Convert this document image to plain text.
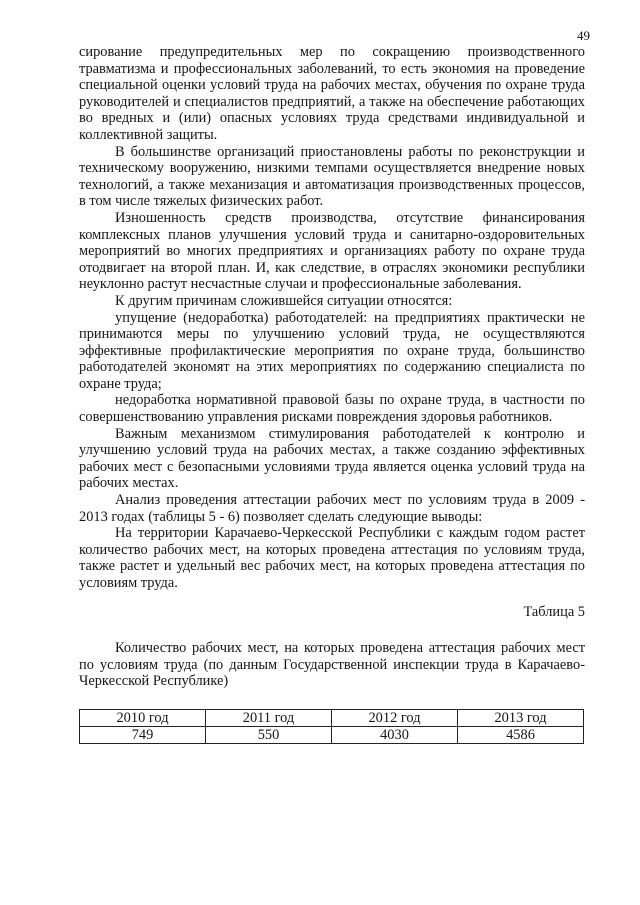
49

сирование предупредительных мер по сокращению производственного травматизма и профессиональных заболеваний, то есть экономия на проведение специальной оценки условий труда на рабочих местах, обучения по охране труда руководителей и специалистов предприятий, а также на обеспечение работающих во вредных и (или) опасных условиях труда средствами индивидуальной и коллективной защиты.

В большинстве организаций приостановлены работы по реконструкции и техническому вооружению, низкими темпами осуществляется внедрение новых технологий, а также механизация и автоматизация производственных процессов, в том числе тяжелых физических работ.

Изношенность средств производства, отсутствие финансирования комплексных планов улучшения условий труда и санитарно-оздоровительных мероприятий во многих предприятиях и организациях работу по охране труда отодвигает на второй план. И, как следствие, в отраслях экономики республики неуклонно растут несчастные случаи и профессиональные заболевания.

К другим причинам сложившейся ситуации относятся:

упущение (недоработка) работодателей: на предприятиях практически не принимаются меры по улучшению условий труда, не осуществляются эффективные профилактические мероприятия по охране труда, большинство работодателей экономят на этих мероприятиях по содержанию специалиста по охране труда;

недоработка нормативной правовой базы по охране труда, в частности по совершенствованию управления рисками повреждения здоровья работников.

Важным механизмом стимулирования работодателей к контролю и улучшению условий труда на рабочих местах, а также созданию эффективных рабочих мест с безопасными условиями труда является оценка условий труда на рабочих местах.

Анализ проведения аттестации рабочих мест по условиям труда в 2009 - 2013 годах (таблицы 5 - 6) позволяет сделать следующие выводы:

На территории Карачаево-Черкесской Республики с каждым годом растет количество рабочих мест, на которых проведена аттестация по условиям труда, также растет и удельный вес рабочих мест, на которых проведена аттестация по условиям труда.

Таблица 5

Количество рабочих мест, на которых проведена аттестация рабочих мест по условиям труда (по данным Государственной инспекции труда в Карачаево-Черкесской Республике)

2010 год	2011 год	2012 год	2013 год
749	550	4030	4586
